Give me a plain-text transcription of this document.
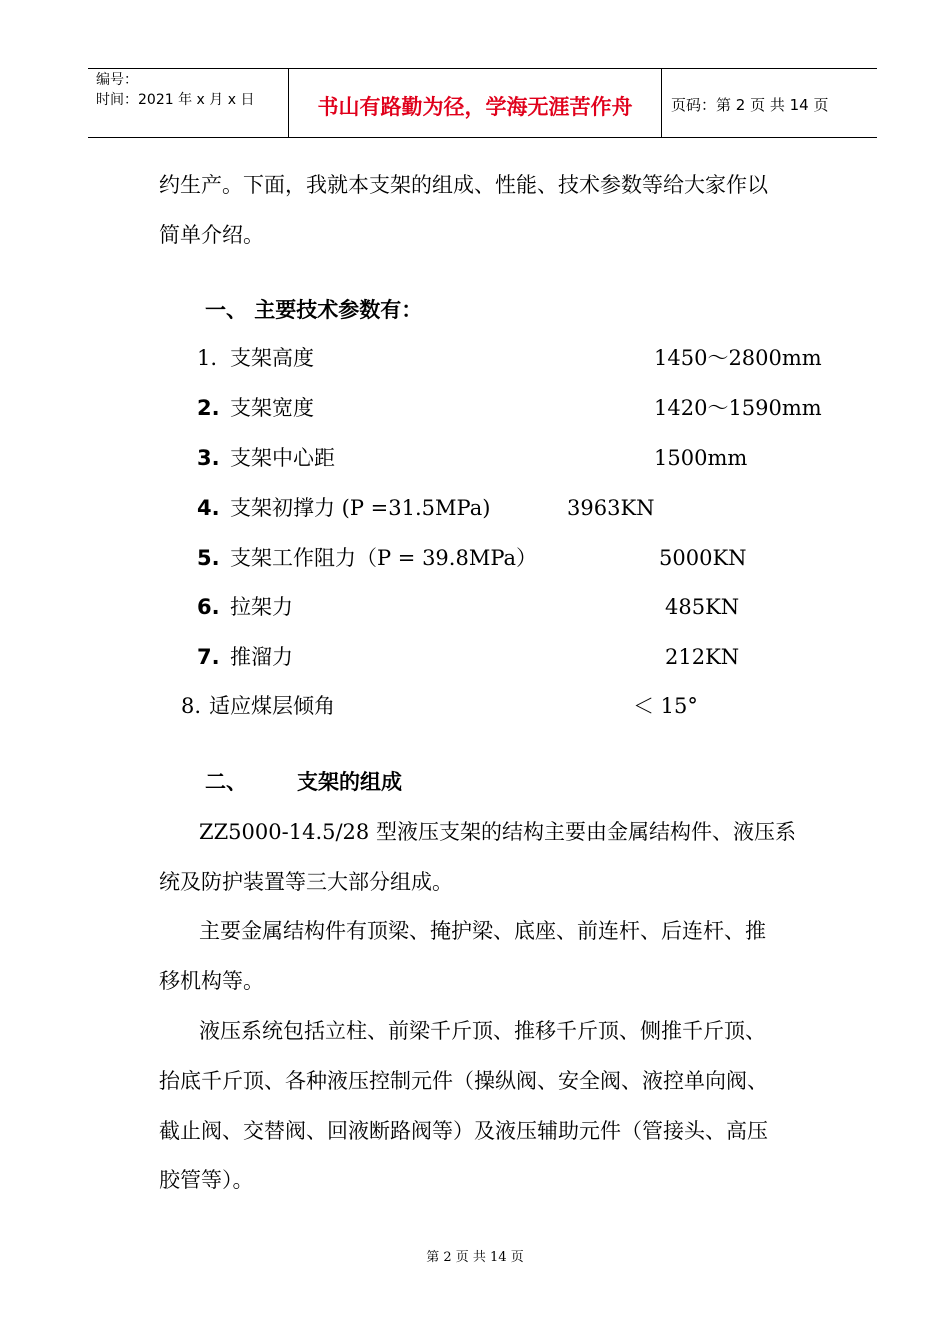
编号：
时间：2021 年 x 月 x 日	书山有路勤为径，学海无涯苦作舟	页码：第 2 页 共 14 页
约生产。下面，我就本支架的组成、性能、技术参数等给大家作以
简单介绍。
一、 主要技术参数有：
1. 支架高度	1450～2800mm
2. 支架宽度	1420～1590mm
3. 支架中心距	1500mm
4. 支架初撑力 (P =31.5MPa)	3963KN
5. 支架工作阻力（P = 39.8MPa）	5000KN
6. 拉架力	485KN
7. 推溜力	212KN
8. 适应煤层倾角	＜ 15°
二、 支架的组成
ZZ5000-14.5/28 型液压支架的结构主要由金属结构件、液压系
统及防护装置等三大部分组成。
主要金属结构件有顶梁、掩护梁、底座、前连杆、后连杆、推
移机构等。
液压系统包括立柱、前梁千斤顶、推移千斤顶、侧推千斤顶、
抬底千斤顶、各种液压控制元件（操纵阀、安全阀、液控单向阀、
截止阀、交替阀、回液断路阀等）及液压辅助元件（管接头、高压
胶管等）。
第 2 页 共 14 页
